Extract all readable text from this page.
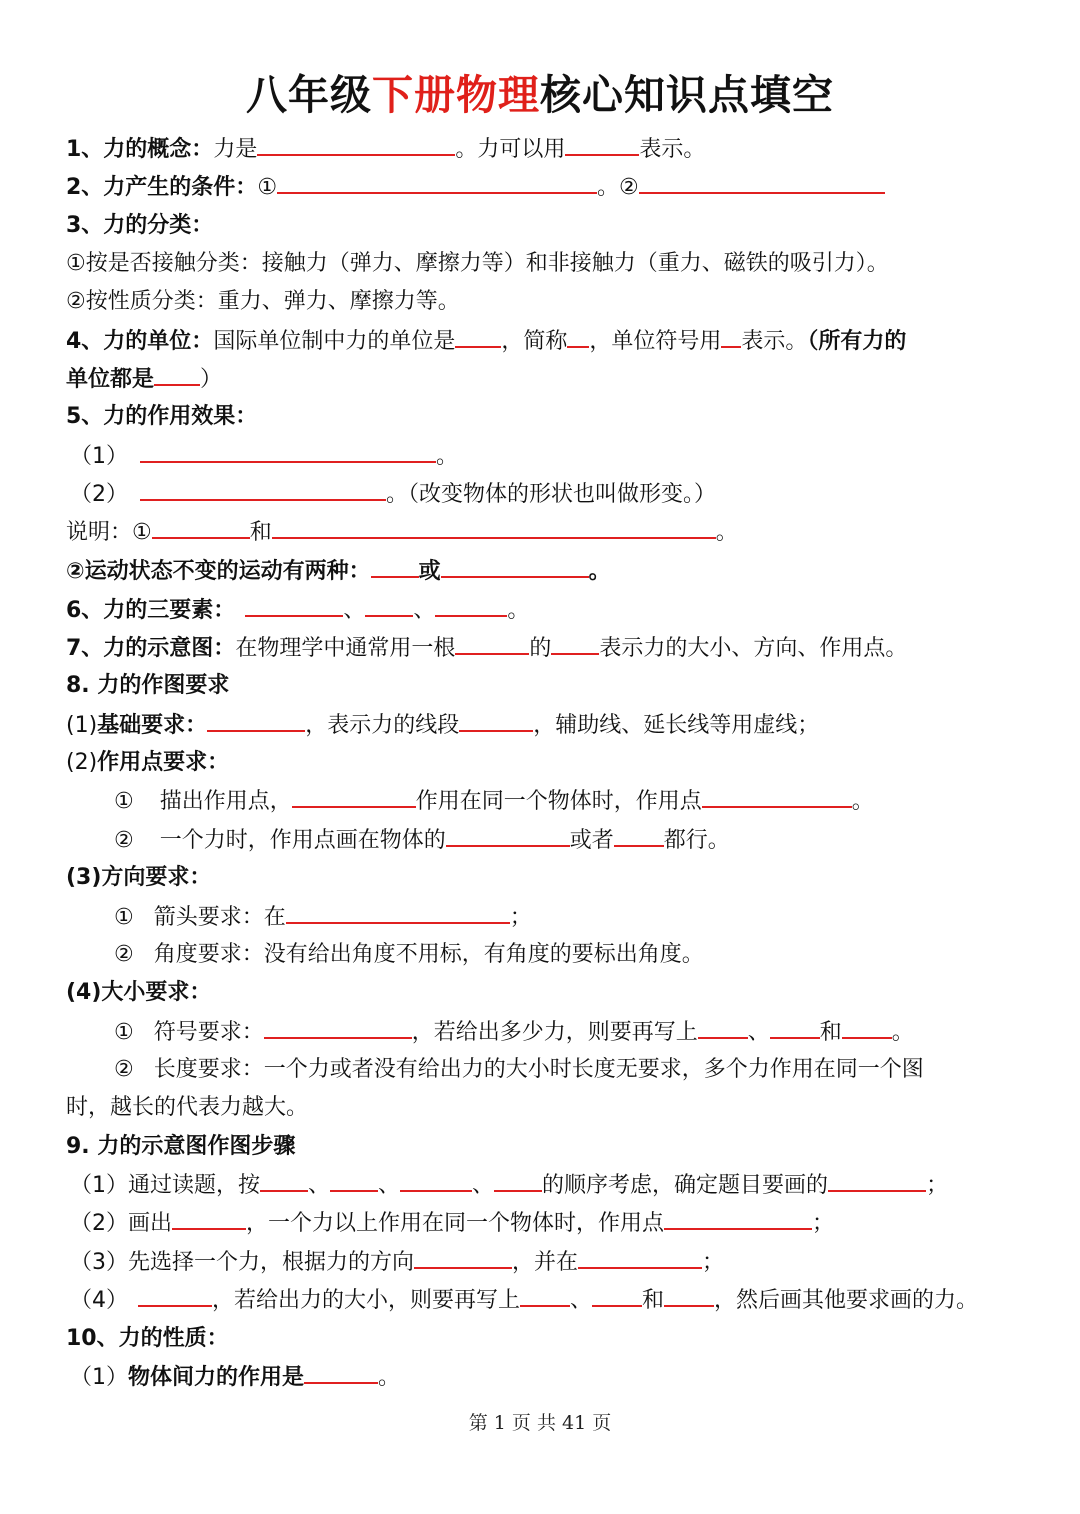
八年级下册物理核心知识点填空
1、力的概念：力是	。力可以用	表示。
2、力产生的条件：①	。②
3、力的分类：
①按是否接触分类：接触力（弹力、摩擦力等）和非接触力（重力、磁铁的吸引力）。
②按性质分类：重力、弹力、摩擦力等。
4、力的单位：国际单位制中力的单位是 ，简称 ，单位符号用 表示。（所有力的
单位都是 ）
5、力的作用效果：
（1）	。
（2）	。（改变物体的形状也叫做形变。）
说明：①	和	。
②运动状态不变的运动有两种： 或	。
6、力的三要素：	、 、	。
7、力的示意图：在物理学中通常用一根	的 表示力的大小、方向、作用点。
8. 力的作图要求
(1)基础要求：	，表示力的线段	，辅助线、延长线等用虚线；
(2)作用点要求：
① 描出作用点，	作用在同一个物体时，作用点	。
② 一个力时，作用点画在物体的	或者 都行。
(3)方向要求：
① 箭头要求：在	；
② 角度要求：没有给出角度不用标，有角度的要标出角度。
(4)大小要求：
① 符号要求：	，若给出多少力，则要再写上 、 和 。
② 长度要求：一个力或者没有给出力的大小时长度无要求，多个力作用在同一个图
时，越长的代表力越大。
9. 力的示意图作图步骤
（1）通过读题，按 、 、	、 的顺序考虑，确定题目要画的	；
（2）画出	，一个力以上作用在同一个物体时，作用点	；
（3）先选择一个力，根据力的方向	，并在	；
（4）	，若给出力的大小，则要再写上 、 和 ，然后画其他要求画的力。
10、力的性质：
（1）物体间力的作用是	。
第 1 页 共 41 页
